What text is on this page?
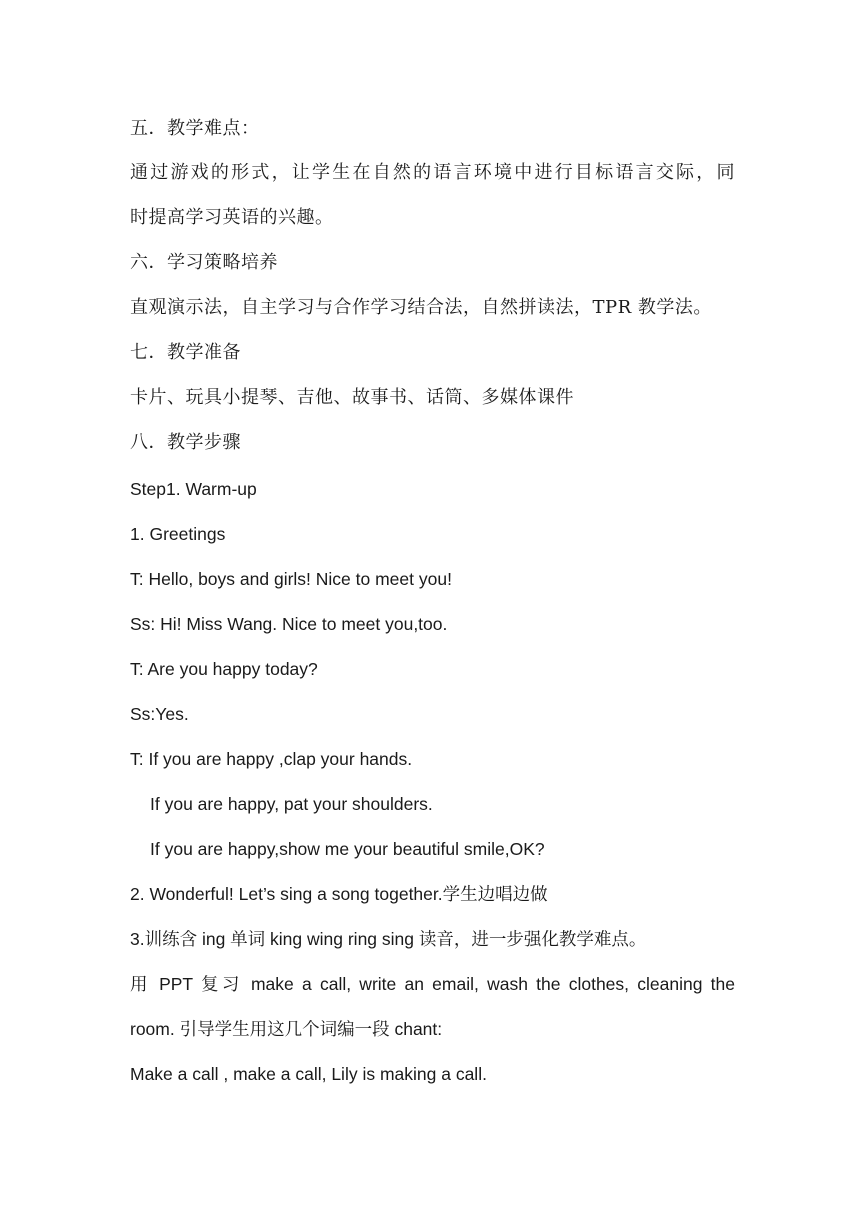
五．教学难点：
通过游戏的形式，让学生在自然的语言环境中进行目标语言交际，同
时提高学习英语的兴趣。
六．学习策略培养
直观演示法，自主学习与合作学习结合法，自然拼读法，TPR 教学法。
七．教学准备
卡片、玩具小提琴、吉他、故事书、话筒、多媒体课件
八．教学步骤
Step1. Warm-up
1. Greetings
T: Hello, boys and girls! Nice to meet you!
Ss: Hi! Miss Wang. Nice to meet you,too.
T: Are you happy today?
Ss:Yes.
T: If you are happy ,clap your hands.
If you are happy, pat your shoulders.
If you are happy,show me your beautiful smile,OK?
2. Wonderful! Let’s sing a song together.学生边唱边做
3.训练含 ing 单词 king wing ring sing 读音，进一步强化教学难点。
用 PPT 复习 make a call, write an email, wash the clothes, cleaning the
room. 引导学生用这几个词编一段 chant:
Make a call , make a call, Lily is making a call.
